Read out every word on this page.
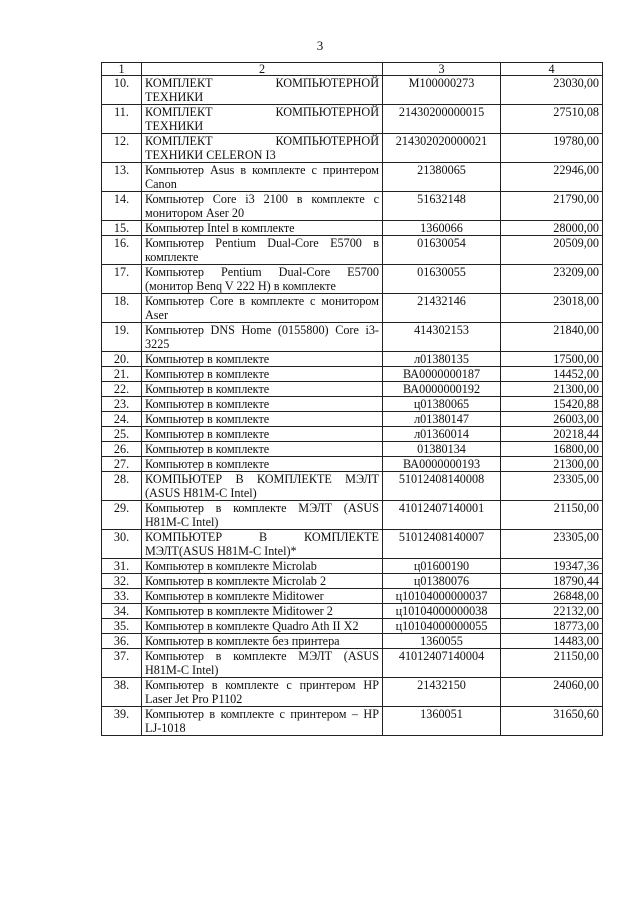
3
1	2	3	4
10.	КОМПЛЕКТ КОМПЬЮТЕРНОЙ ТЕХНИКИ	М100000273	23030,00
11.	КОМПЛЕКТ КОМПЬЮТЕРНОЙ ТЕХНИКИ	21430200000015	27510,08
12.	КОМПЛЕКТ КОМПЬЮТЕРНОЙ ТЕХНИКИ CELERON I3	214302020000021	19780,00
13.	Компьютер Asus в комплекте с принтером Canon	21380065	22946,00
14.	Компьютер Core i3 2100 в комплекте с монитором Aser 20	51632148	21790,00
15.	Компьютер Intel в комплекте	1360066	28000,00
16.	Компьютер Pentium Dual-Core E5700 в комплекте	01630054	20509,00
17.	Компьютер Pentium Dual-Core E5700 (монитор Benq V 222 H) в комплекте	01630055	23209,00
18.	Компьютер Core в комплекте с монитором Aser	21432146	23018,00
19.	Компьютер DNS Home (0155800) Core i3-3225	414302153	21840,00
20.	Компьютер в комплекте	л01380135	17500,00
21.	Компьютер в комплекте	ВА0000000187	14452,00
22.	Компьютер в комплекте	ВА0000000192	21300,00
23.	Компьютер в комплекте	ц01380065	15420,88
24.	Компьютер в комплекте	л01380147	26003,00
25.	Компьютер в комплекте	л01360014	20218,44
26.	Компьютер в комплекте	01380134	16800,00
27.	Компьютер в комплекте	ВА0000000193	21300,00
28.	КОМПЬЮТЕР В КОМПЛЕКТЕ МЭЛТ (ASUS H81M-C Intel)	51012408140008	23305,00
29.	Компьютер в комплекте МЭЛТ (ASUS H81M-C Intel)	41012407140001	21150,00
30.	КОМПЬЮТЕР В КОМПЛЕКТЕ МЭЛТ(ASUS H81M-C Intel)*	51012408140007	23305,00
31.	Компьютер в комплекте Microlab	ц01600190	19347,36
32.	Компьютер в комплекте Microlab 2	ц01380076	18790,44
33.	Компьютер в комплекте Miditower	ц10104000000037	26848,00
34.	Компьютер в комплекте Miditower 2	ц10104000000038	22132,00
35.	Компьютер в комплекте Quadro Ath II X2	ц10104000000055	18773,00
36.	Компьютер в комплекте без принтера	1360055	14483,00
37.	Компьютер в комплекте МЭЛТ (ASUS H81M-C Intel)	41012407140004	21150,00
38.	Компьютер в комплекте с принтером HP Laser Jet Pro P1102	21432150	24060,00
39.	Компьютер в комплекте с принтером – HP LJ-1018	1360051	31650,60
